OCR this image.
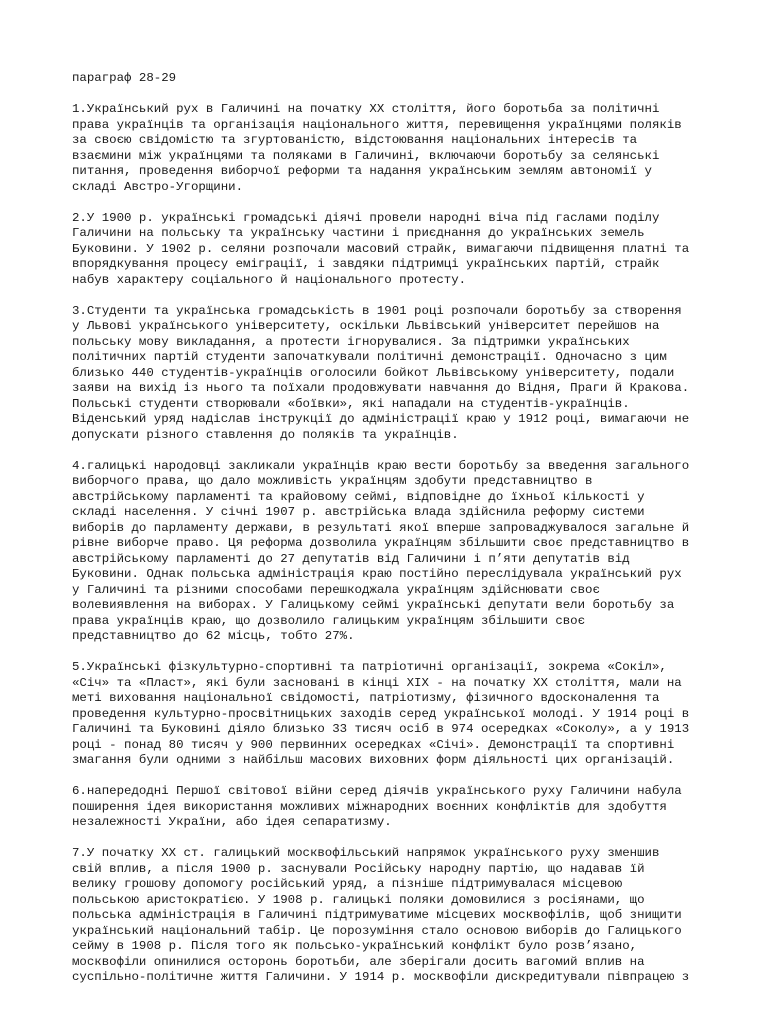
параграф 28-29
1.Український рух в Галичині на початку XX століття, його боротьба за політичні
права українців та організація національного життя, перевищення українцями поляків
за своєю свідомістю та згуртованістю, відстоювання національних інтересів та
взаємини між українцями та поляками в Галичині, включаючи боротьбу за селянські
питання, проведення виборчої реформи та надання українським землям автономії у
складі Австро-Угорщини.
2.У 1900 р. українські громадські діячі провели народні віча під гаслами поділу
Галичини на польську та українську частини і приєднання до українських земель
Буковини. У 1902 р. селяни розпочали масовий страйк, вимагаючи підвищення платні та
впорядкування процесу еміграції, і завдяки підтримці українських партій, страйк
набув характеру соціального й національного протесту.
3.Студенти та українська громадськість в 1901 році розпочали боротьбу за створення
у Львові українського університету, оскільки Львівський університет перейшов на
польську мову викладання, а протести ігнорувалися. За підтримки українських
політичних партій студенти започаткували політичні демонстрації. Одночасно з цим
близько 440 студентів-українців оголосили бойкот Львівському університету, подали
заяви на вихід із нього та поїхали продовжувати навчання до Відня, Праги й Кракова.
Польські студенти створювали «боївки», які нападали на студентів-українців.
Віденський уряд надіслав інструкції до адміністрації краю у 1912 році, вимагаючи не
допускати різного ставлення до поляків та українців.
4.галицькі народовці закликали українців краю вести боротьбу за введення загального
виборчого права, що дало можливість українцям здобути представництво в
австрійському парламенті та крайовому сеймі, відповідне до їхньої кількості у
складі населення. У січні 1907 р. австрійська влада здійснила реформу системи
виборів до парламенту держави, в результаті якої вперше запроваджувалося загальне й
рівне виборче право. Ця реформа дозволила українцям збільшити своє представництво в
австрійському парламенті до 27 депутатів від Галичини і п’яти депутатів від
Буковини. Однак польська адміністрація краю постійно переслідувала український рух
у Галичині та різними способами перешкоджала українцям здійснювати своє
волевиявлення на виборах. У Галицькому сеймі українські депутати вели боротьбу за
права українців краю, що дозволило галицьким українцям збільшити своє
представництво до 62 місць, тобто 27%.
5.Українські фізкультурно-спортивні та патріотичні організації, зокрема «Сокіл»,
«Січ» та «Пласт», які були засновані в кінці XIX - на початку XX століття, мали на
меті виховання національної свідомості, патріотизму, фізичного вдосконалення та
проведення культурно-просвітницьких заходів серед української молоді. У 1914 році в
Галичині та Буковині діяло близько 33 тисяч осіб в 974 осередках «Соколу», а у 1913
році - понад 80 тисяч у 900 первинних осередках «Січі». Демонстрації та спортивні
змагання були одними з найбільш масових виховних форм діяльності цих організацій.
6.напередодні Першої світової війни серед діячів українського руху Галичини набула
поширення ідея використання можливих міжнародних воєнних конфліктів для здобуття
незалежності України, або ідея сепаратизму.
7.У початку XX ст. галицький москвофільський напрямок українського руху зменшив
свій вплив, а після 1900 р. заснували Російську народну партію, що надавав їй
велику грошову допомогу російський уряд, а пізніше підтримувалася місцевою
польською аристократією. У 1908 р. галицькі поляки домовилися з росіянами, що
польська адміністрація в Галичині підтримуватиме місцевих москвофілів, щоб знищити
український національний табір. Це порозуміння стало основою виборів до Галицького
сейму в 1908 р. Після того як польсько-український конфлікт було розв’язано,
москвофіли опинилися осторонь боротьби, але зберігали досить вагомий вплив на
суспільно-політичне життя Галичини. У 1914 р. москвофіли дискредитували півпрацею з
